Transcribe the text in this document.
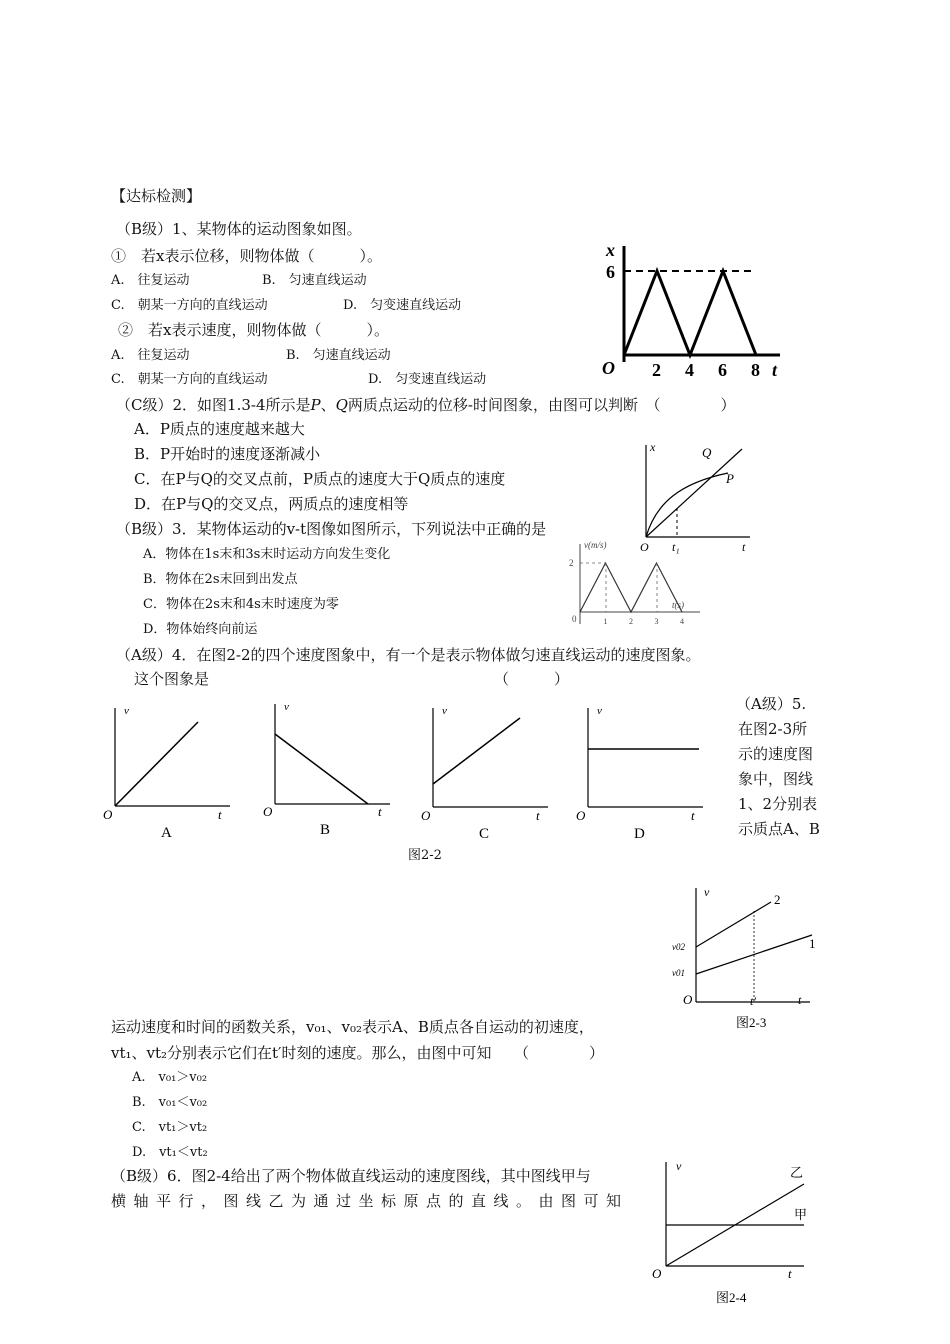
【达标检测】
（B级）1、某物体的运动图象如图。
①　若x表示位移，则物体做（　　　）。
A.　往复运动	B.　匀速直线运动
C.　朝某一方向的直线运动	D.　匀变速直线运动
②　若x表示速度，则物体做（　　　）。
A.　往复运动	B.　匀速直线运动
C.　朝某一方向的直线运动	D.　匀变速直线运动
x
6
O 2 4 6 8 t
（C级）2．如图1.3-4所示是P、Q两质点运动的位移-时间图象，由图可以判断　（　　　　）
A．P质点的速度越来越大
B．P开始时的速度逐渐减小
C．在P与Q的交叉点前，P质点的速度大于Q质点的速度
D．在P与Q的交叉点，两质点的速度相等
x	Q
P
O t₁	t
（B级）3．某物体运动的v-t图像如图所示，下列说法中正确的是
A．物体在1s末和3s末时运动方向发生变化
B．物体在2s末回到出发点
C．物体在2s末和4s末时速度为零
D．物体始终向前运
v(m/s)
2
0
t(s)
1	2	3	4
（A级）4．在图2-2的四个速度图象中，有一个是表示物体做匀速直线运动的速度图象。
这个图象是	（　　　）
v
O	t
A
v
O	t
B
v
O	t
C
v
O	t
D
图2-2
（A级）5.
在图2-3所
示的速度图
象中，图线
1、2分别表
示质点A、B
v
v02
v01
2
1
O	t′	t
图2-3
运动速度和时间的函数关系，v₀₁、v₀₂表示A、B质点各自运动的初速度，
vt₁、vt₂分别表示它们在t′时刻的速度。那么，由图中可知　　（　　　　）
A.　v₀₁＞v₀₂
B.　v₀₁＜v₀₂
C.　vt₁＞vt₂
D.　vt₁＜vt₂
（B级）6．图2-4给出了两个物体做直线运动的速度图线，其中图线甲与
横轴平行，图线乙为通过坐标原点的直线。由图可知
v	乙
甲
O	t
图2-4
